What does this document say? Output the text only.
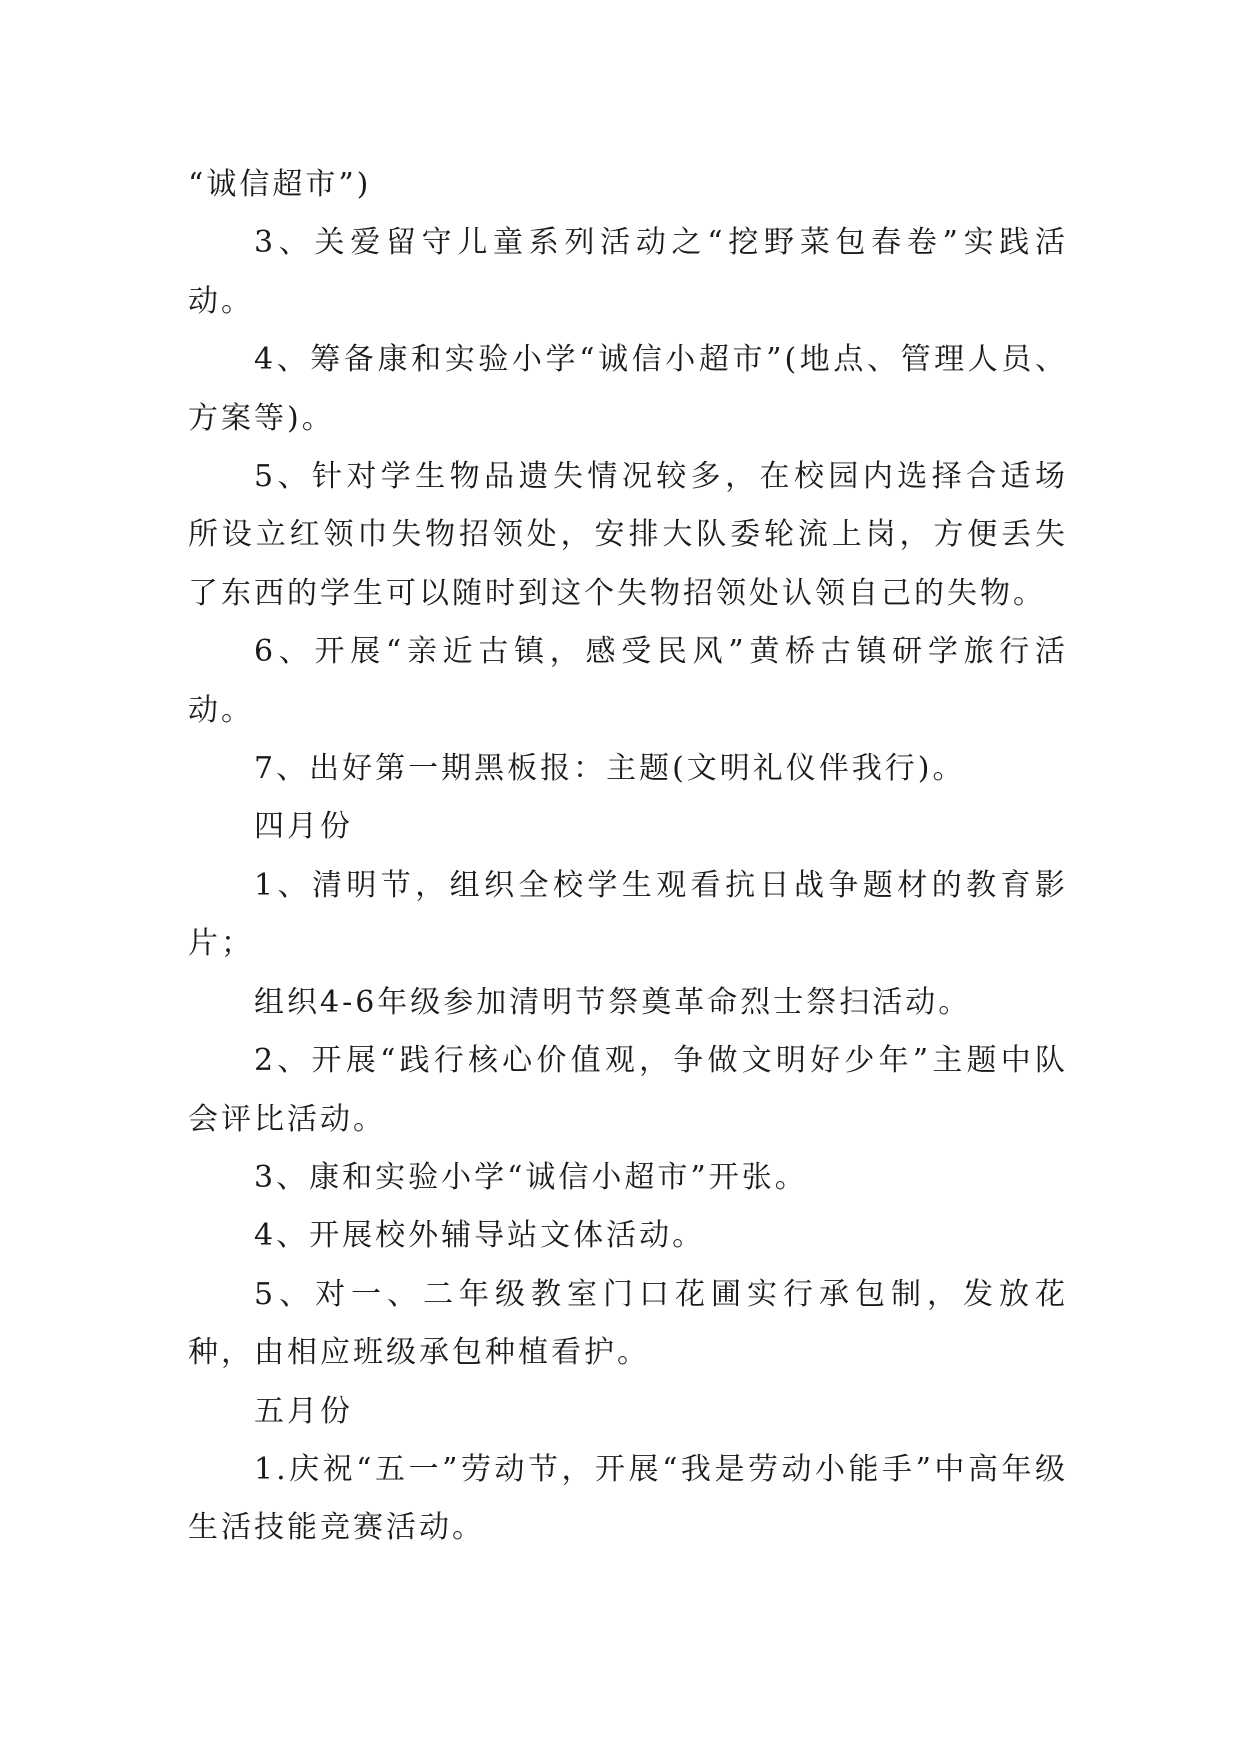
“诚信超市”)

3、关爱留守儿童系列活动之“挖野菜包春卷”实践活动。

4、筹备康和实验小学“诚信小超市”(地点、管理人员、方案等)。

5、针对学生物品遗失情况较多，在校园内选择合适场所设立红领巾失物招领处，安排大队委轮流上岗，方便丢失了东西的学生可以随时到这个失物招领处认领自己的失物。

6、开展“亲近古镇，感受民风”黄桥古镇研学旅行活动。

7、出好第一期黑板报：主题(文明礼仪伴我行)。

四月份

1、清明节，组织全校学生观看抗日战争题材的教育影片；

组织4-6年级参加清明节祭奠革命烈士祭扫活动。

2、开展“践行核心价值观，争做文明好少年”主题中队会评比活动。

3、康和实验小学“诚信小超市”开张。

4、开展校外辅导站文体活动。

5、对一、二年级教室门口花圃实行承包制，发放花种，由相应班级承包种植看护。

五月份

1.庆祝“五一”劳动节，开展“我是劳动小能手”中高年级生活技能竞赛活动。
